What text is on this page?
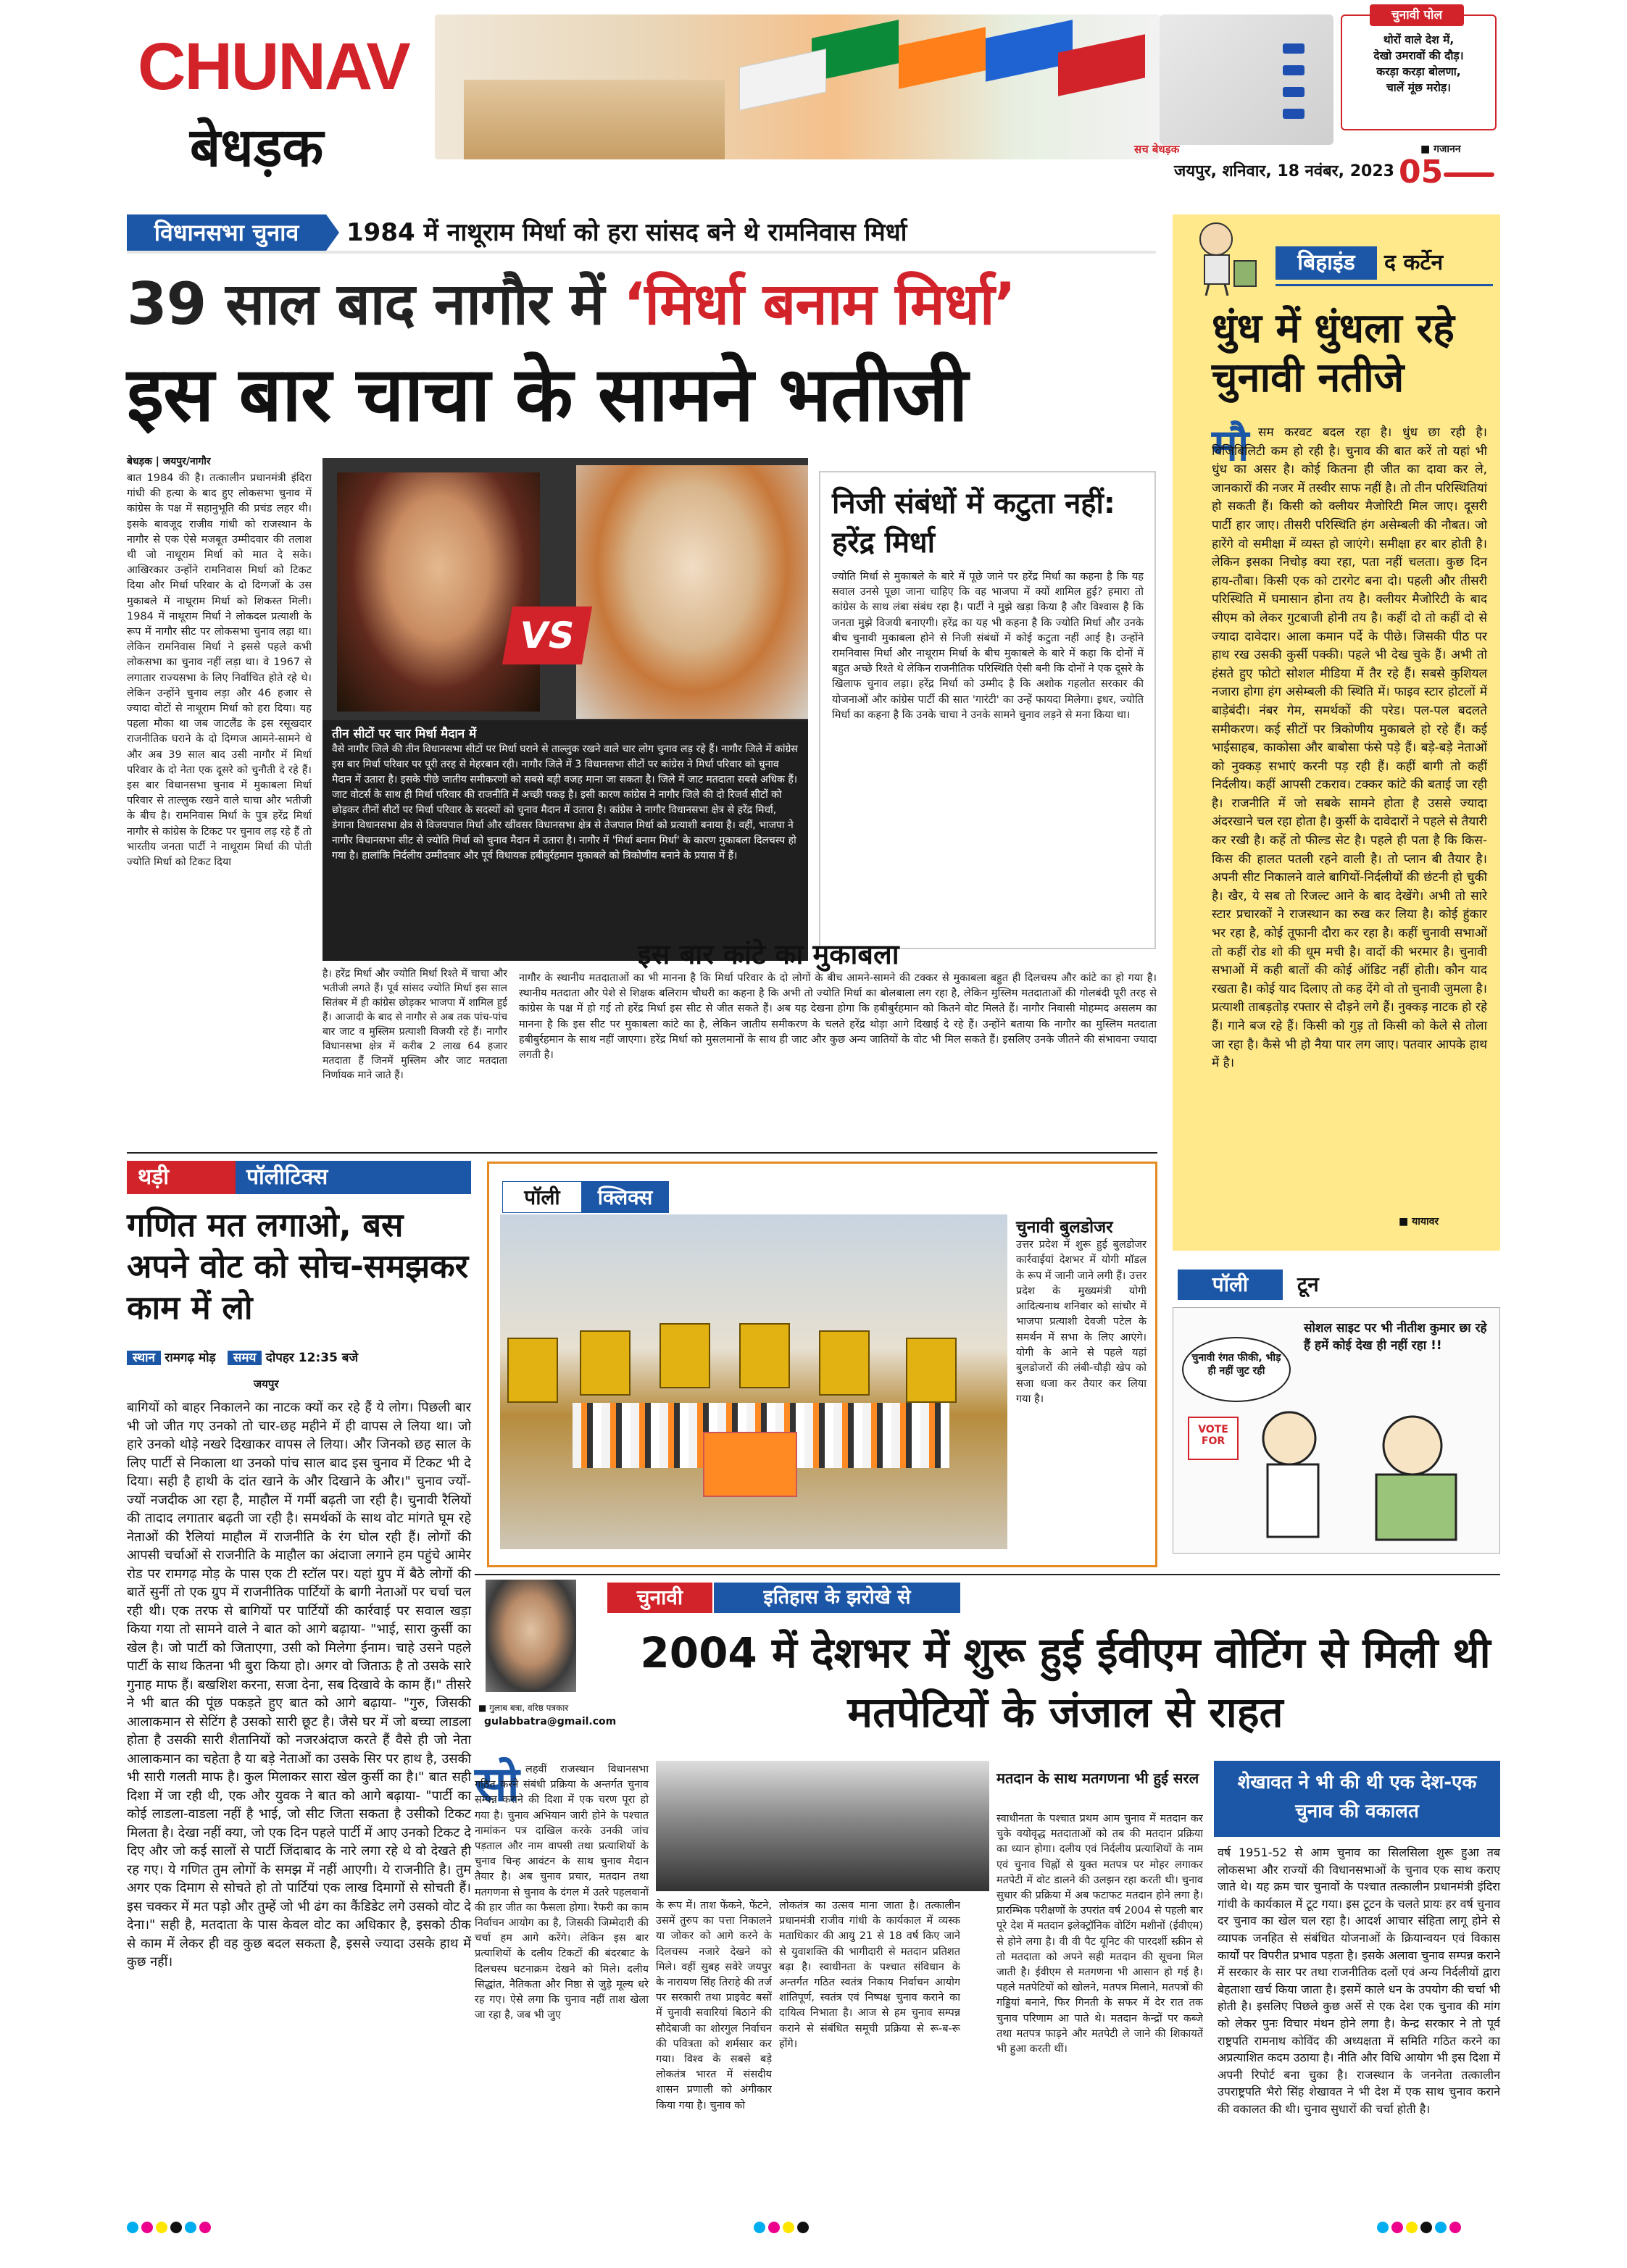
CHUNAV
बेधड़क
चुनावी पोल
थोरों वाले देश में,
देखो उमरावों की दौड़।
करड़ा करड़ा बोलणा,
चालें मूंछ मरोड़।
■ गजानन
सच बेधड़क
जयपुर, शनिवार, 18 नवंबर, 2023 05
विधानसभा चुनाव	1984 में नाथूराम मिर्धा को हरा सांसद बने थे रामनिवास मिर्धा
39 साल बाद नागौर में ‘मिर्धा बनाम मिर्धा’
इस बार चाचा के सामने भतीजी
बेधड़क | जयपुर/नागौर
बात 1984 की है। तत्कालीन प्रधानमंत्री इंदिरा गांधी की हत्या के बाद हुए लोकसभा चुनाव में कांग्रेस के पक्ष में सहानुभूति की प्रचंड लहर थी। इसके बावजूद राजीव गांधी को राजस्थान के नागौर से एक ऐसे मजबूत उम्मीदवार की तलाश थी जो नाथूराम मिर्धा को मात दे सके। आखिरकार उन्होंने रामनिवास मिर्धा को टिकट दिया और मिर्धा परिवार के दो दिग्गजों के उस मुकाबले में नाथूराम मिर्धा को शिकस्त मिली। 1984 में नाथूराम मिर्धा ने लोकदल प्रत्याशी के रूप में नागौर सीट पर लोकसभा चुनाव लड़ा था। लेकिन रामनिवास मिर्धा ने इससे पहले कभी लोकसभा का चुनाव नहीं लड़ा था। वे 1967 से लगातार राज्यसभा के लिए निर्वाचित होते रहे थे। लेकिन उन्होंने चुनाव लड़ा और 46 हजार से ज्यादा वोटों से नाथूराम मिर्धा को हरा दिया। यह पहला मौका था जब जाटलैंड के इस रसूखदार राजनीतिक घराने के दो दिग्गज आमने-सामने थे और अब 39 साल बाद उसी नागौर में मिर्धा परिवार के दो नेता एक दूसरे को चुनौती दे रहे हैं। इस बार विधानसभा चुनाव में मुकाबला मिर्धा परिवार से ताल्लुक रखने वाले चाचा और भतीजी के बीच है। रामनिवास मिर्धा के पुत्र हरेंद्र मिर्धा नागौर से कांग्रेस के टिकट पर चुनाव लड़ रहे हैं तो भारतीय जनता पार्टी ने नाथूराम मिर्धा की पोती ज्योति मिर्धा को टिकट दिया
है। हरेंद्र मिर्धा और ज्योति मिर्धा रिश्ते में चाचा और भतीजी लगते हैं। पूर्व सांसद ज्योति मिर्धा इस साल सितंबर में ही कांग्रेस छोड़कर भाजपा में शामिल हुई हैं। आजादी के बाद से नागौर से अब तक पांच-पांच बार जाट व मुस्लिम प्रत्याशी विजयी रहे हैं। नागौर विधानसभा क्षेत्र में करीब 2 लाख 64 हजार मतदाता हैं जिनमें मुस्लिम और जाट मतदाता निर्णायक माने जाते हैं।
VS
तीन सीटों पर चार मिर्धा मैदान में
वैसे नागौर जिले की तीन विधानसभा सीटों पर मिर्धा घराने से ताल्लुक रखने वाले चार लोग चुनाव लड़ रहे हैं। नागौर जिले में कांग्रेस इस बार मिर्धा परिवार पर पूरी तरह से मेहरबान रही। नागौर जिले में 3 विधानसभा सीटों पर कांग्रेस ने मिर्धा परिवार को चुनाव मैदान में उतारा है। इसके पीछे जातीय समीकरणों को सबसे बड़ी वजह माना जा सकता है। जिले में जाट मतदाता सबसे अधिक हैं। जाट वोटर्स के साथ ही मिर्धा परिवार की राजनीति में अच्छी पकड़ है। इसी कारण कांग्रेस ने नागौर जिले की दो रिजर्व सीटों को छोड़कर तीनों सीटों पर मिर्धा परिवार के सदस्यों को चुनाव मैदान में उतारा है। कांग्रेस ने नागौर विधानसभा क्षेत्र से हरेंद्र मिर्धा, डेगाना विधानसभा क्षेत्र से विजयपाल मिर्धा और खींवसर विधानसभा क्षेत्र से तेजपाल मिर्धा को प्रत्याशी बनाया है। वहीं, भाजपा ने नागौर विधानसभा सीट से ज्योति मिर्धा को चुनाव मैदान में उतारा है। नागौर में 'मिर्धा बनाम मिर्धा' के कारण मुकाबला दिलचस्प हो गया है। हालांकि निर्दलीय उम्मीदवार और पूर्व विधायक हबीबुर्रहमान मुकाबले को त्रिकोणीय बनाने के प्रयास में हैं।
निजी संबंधों में कटुता नहीं: हरेंद्र मिर्धा
ज्योति मिर्धा से मुकाबले के बारे में पूछे जाने पर हरेंद्र मिर्धा का कहना है कि यह सवाल उनसे पूछा जाना चाहिए कि वह भाजपा में क्यों शामिल हुई? हमारा तो कांग्रेस के साथ लंबा संबंध रहा है। पार्टी ने मुझे खड़ा किया है और विश्वास है कि जनता मुझे विजयी बनाएगी। हरेंद्र का यह भी कहना है कि ज्योति मिर्धा और उनके बीच चुनावी मुकाबला होने से निजी संबंधों में कोई कटुता नहीं आई है। उन्होंने रामनिवास मिर्धा और नाथूराम मिर्धा के बीच मुकाबले के बारे में कहा कि दोनों में बहुत अच्छे रिश्ते थे लेकिन राजनीतिक परिस्थिति ऐसी बनी कि दोनों ने एक दूसरे के खिलाफ चुनाव लड़ा। हरेंद्र मिर्धा को उम्मीद है कि अशोक गहलोत सरकार की योजनाओं और कांग्रेस पार्टी की सात 'गारंटी' का उन्हें फायदा मिलेगा। इधर, ज्योति मिर्धा का कहना है कि उनके चाचा ने उनके सामने चुनाव लड़ने से मना किया था।
इस बार कांटे का मुकाबला
नागौर के स्थानीय मतदाताओं का भी मानना है कि मिर्धा परिवार के दो लोगों के बीच आमने-सामने की टक्कर से मुकाबला बहुत ही दिलचस्प और कांटे का हो गया है। स्थानीय मतदाता और पेशे से शिक्षक बलिराम चौधरी का कहना है कि अभी तो ज्योति मिर्धा का बोलबाला लग रहा है, लेकिन मुस्लिम मतदाताओं की गोलबंदी पूरी तरह से कांग्रेस के पक्ष में हो गई तो हरेंद्र मिर्धा इस सीट से जीत सकते हैं। अब यह देखना होगा कि हबीबुर्रहमान को कितने वोट मिलते हैं। नागौर निवासी मोहम्मद असलम का मानना है कि इस सीट पर मुकाबला कांटे का है, लेकिन जातीय समीकरण के चलते हरेंद्र थोड़ा आगे दिखाई दे रहे हैं। उन्होंने बताया कि नागौर का मुस्लिम मतदाता हबीबुर्रहमान के साथ नहीं जाएगा। हरेंद्र मिर्धा को मुसलमानों के साथ ही जाट और कुछ अन्य जातियों के वोट भी मिल सकते हैं। इसलिए उनके जीतने की संभावना ज्यादा लगती है।
थड़ी	पॉलीटिक्स
गणित मत लगाओ, बस अपने वोट को सोच-समझकर काम में लो
स्थान रामगढ़ मोड़ समय दोपहर 12:35 बजे
जयपुर
बागियों को बाहर निकालने का नाटक क्यों कर रहे हैं ये लोग। पिछली बार भी जो जीत गए उनको तो चार-छह महीने में ही वापस ले लिया था। जो हारे उनको थोड़े नखरे दिखाकर वापस ले लिया। और जिनको छह साल के लिए पार्टी से निकाला था उनको पांच साल बाद इस चुनाव में टिकट भी दे दिया। सही है हाथी के दांत खाने के और दिखाने के और।" चुनाव ज्यों-ज्यों नजदीक आ रहा है, माहौल में गर्मी बढ़ती जा रही है। चुनावी रैलियों की तादाद लगातार बढ़ती जा रही है। समर्थकों के साथ वोट मांगते घूम रहे नेताओं की रैलियां माहौल में राजनीति के रंग घोल रही हैं। लोगों की आपसी चर्चाओं से राजनीति के माहौल का अंदाजा लगाने हम पहुंचे आमेर रोड पर रामगढ़ मोड़ के पास एक टी स्टॉल पर। यहां ग्रुप में बैठे लोगों की बातें सुनीं तो एक ग्रुप में राजनीतिक पार्टियों के बागी नेताओं पर चर्चा चल रही थी। एक तरफ से बागियों पर पार्टियों की कार्रवाई पर सवाल खड़ा किया गया तो सामने वाले ने बात को आगे बढ़ाया- "भाई, सारा कुर्सी का खेल है। जो पार्टी को जिताएगा, उसी को मिलेगा ईनाम। चाहे उसने पहले पार्टी के साथ कितना भी बुरा किया हो। अगर वो जिताऊ है तो उसके सारे गुनाह माफ हैं। बखशिश करना, सजा देना, सब दिखावे के काम हैं।" तीसरे ने भी बात की पूंछ पकड़ते हुए बात को आगे बढ़ाया- "गुरु, जिसकी आलाकमान से सेटिंग है उसको सारी छूट है। जैसे घर में जो बच्चा लाडला होता है उसकी सारी शैतानियों को नजरअंदाज करते हैं वैसे ही जो नेता आलाकमान का चहेता है या बड़े नेताओं का उसके सिर पर हाथ है, उसकी भी सारी गलती माफ है। कुल मिलाकर सारा खेल कुर्सी का है।" बात सही दिशा में जा रही थी, एक और युवक ने बात को आगे बढ़ाया- "पार्टी का कोई लाडला-वाडला नहीं है भाई, जो सीट जिता सकता है उसीको टिकट मिलता है। देखा नहीं क्या, जो एक दिन पहले पार्टी में आए उनको टिकट दे दिए और जो कई सालों से पार्टी जिंदाबाद के नारे लगा रहे थे वो देखते ही रह गए। ये गणित तुम लोगों के समझ में नहीं आएगी। ये राजनीति है। तुम अगर एक दिमाग से सोचते हो तो पार्टियां एक लाख दिमागों से सोचती हैं। इस चक्कर में मत पड़ो और तुम्हें जो भी ढंग का कैंडिडेट लगे उसको वोट दे देना।" सही है, मतदाता के पास केवल वोट का अधिकार है, इसको ठीक से काम में लेकर ही वह कुछ बदल सकता है, इससे ज्यादा उसके हाथ में कुछ नहीं।
पॉली क्लिक्स
चुनावी बुलडोजर
उत्तर प्रदेश में शुरू हुई बुलडोजर कार्रवाईयां देशभर में योगी मॉडल के रूप में जानी जाने लगी हैं। उत्तर प्रदेश के मुख्यमंत्री योगी आदित्यनाथ शनिवार को सांचौर में भाजपा प्रत्याशी देवजी पटेल के समर्थन में सभा के लिए आएंगे। योगी के आने से पहले यहां बुलडोजरों की लंबी-चौड़ी खेप को सजा धजा कर तैयार कर लिया गया है।
बिहाइंड	द कर्टेन
धुंध में धुंधला रहे चुनावी नतीजे
मौ सम करवट बदल रहा है। धुंध छा रही है। विजिबिलिटी कम हो रही है। चुनाव की बात करें तो यहां भी धुंध का असर है। कोई कितना ही जीत का दावा कर ले, जानकारों की नजर में तस्वीर साफ नहीं है। तो तीन परिस्थितियां हो सकती हैं। किसी को क्लीयर मैजोरिटी मिल जाए। दूसरी पार्टी हार जाए। तीसरी परिस्थिति हंग असेम्बली की नौबत। जो हारेंगे वो समीक्षा में व्यस्त हो जाएंगे। समीक्षा हर बार होती है। लेकिन इसका निचोड़ क्या रहा, पता नहीं चलता। कुछ दिन हाय-तौबा। किसी एक को टारगेट बना दो। पहली और तीसरी परिस्थिति में घमासान होना तय है। क्लीयर मैजोरिटी के बाद सीएम को लेकर गुटबाजी होनी तय है। कहीं दो तो कहीं दो से ज्यादा दावेदार। आला कमान पर्दे के पीछे। जिसकी पीठ पर हाथ रख उसकी कुर्सी पक्की। पहले भी देख चुके हैं। अभी तो हंसते हुए फोटो सोशल मीडिया में तैर रहे हैं। सबसे कुशियल नजारा होगा हंग असेम्बली की स्थिति में। फाइव स्टार होटलों में बाड़ेबंदी। नंबर गेम, समर्थकों की परेड। पल-पल बदलते समीकरण। कई सीटों पर त्रिकोणीय मुकाबले हो रहे हैं। कई भाईसाहब, काकोसा और बाबोसा फंसे पड़े हैं। बड़े-बड़े नेताओं को नुक्कड़ सभाएं करनी पड़ रही हैं। कहीं बागी तो कहीं निर्दलीय। कहीं आपसी टकराव। टक्कर कांटे की बताई जा रही है। राजनीति में जो सबके सामने होता है उससे ज्यादा अंदरखाने चल रहा होता है। कुर्सी के दावेदारों ने पहले से तैयारी कर रखी है। कहें तो फील्ड सेट है। पहले ही पता है कि किस-किस की हालत पतली रहने वाली है। तो प्लान बी तैयार है। अपनी सीट निकालने वाले बागियों-निर्दलीयों की छंटनी हो चुकी है। खैर, ये सब तो रिजल्ट आने के बाद देखेंगे। अभी तो सारे स्टार प्रचारकों ने राजस्थान का रुख कर लिया है। कोई हुंकार भर रहा है, कोई तूफानी दौरा कर रहा है। कहीं चुनावी सभाओं तो कहीं रोड शो की धूम मची है। वादों की भरमार है। चुनावी सभाओं में कही बातों की कोई ऑडिट नहीं होती। कौन याद रखता है। कोई याद दिलाए तो कह देंगे वो तो चुनावी जुमला है। प्रत्याशी ताबड़तोड़ रफ्तार से दौड़ने लगे हैं। नुक्कड़ नाटक हो रहे हैं। गाने बज रहे हैं। किसी को गुड़ तो किसी को केले से तोला जा रहा है। कैसे भी हो नैया पार लग जाए। पतवार आपके हाथ में है।
■ यायावर
पॉली	टून
सोशल साइट पर भी नीतीश कुमार छा रहे हैं हमें कोई देख ही नहीं रहा !!
चुनावी रंगत फीकी, भीड़ ही नहीं जुट रही
VOTE FOR
■ गुलाब बत्रा, वरिष्ठ पत्रकार
gulabbatra@gmail.com
चुनावी	इतिहास के झरोखे से
2004 में देशभर में शुरू हुई ईवीएम वोटिंग से मिली थी मतपेटियों के जंजाल से राहत
सो लहवीं राजस्थान विधानसभा गठित करने संबंधी प्रक्रिया के अन्तर्गत चुनाव सम्पन्न कराने की दिशा में एक चरण पूरा हो गया है। चुनाव अभियान जारी होने के पश्चात नामांकन पत्र दाखिल करके उनकी जांच पड़ताल और नाम वापसी तथा प्रत्याशियों के चुनाव चिन्ह आवंटन के साथ चुनाव मैदान तैयार है। अब चुनाव प्रचार, मतदान तथा मतगणना से चुनाव के दंगल में उतरे पहलवानों की हार जीत का फैसला होगा। रैफरी का काम निर्वाचन आयोग का है, जिसकी जिम्मेदारी की चर्चा हम आगे करेंगे। लेकिन इस बार प्रत्याशियों के दलीय टिकटों की बंदरबाट के दिलचस्प घटनाक्रम देखने को मिले। दलीय सिद्धांत, नैतिकता और निष्ठा से जुड़े मूल्य धरे रह गए। ऐसे लगा कि चुनाव नहीं ताश खेला जा रहा है, जब भी जुए
के रूप में। ताश फेंकने, फेंटने, उसमें तुरुप का पत्ता निकालने या जोकर को आगे करने के दिलचस्प नजारे देखने को मिले। वहीं सुबह सवेरे जयपुर के नारायण सिंह तिराहे की तर्ज पर सरकारी तथा प्राइवेट बसों में चुनावी सवारियां बिठाने की सौदेबाजी का शोरगुल निर्वाचन की पवित्रता को शर्मसार कर गया। विश्व के सबसे बड़े लोकतंत्र भारत में संसदीय शासन प्रणाली को अंगीकार किया गया है। चुनाव को
लोकतंत्र का उत्सव माना जाता है। तत्कालीन प्रधानमंत्री राजीव गांधी के कार्यकाल में व्यस्क मताधिकार की आयु 21 से 18 वर्ष किए जाने से युवाशक्ति की भागीदारी से मतदान प्रतिशत बढ़ा है। स्वाधीनता के पश्चात संविधान के अन्तर्गत गठित स्वतंत्र निकाय निर्वाचन आयोग शांतिपूर्ण, स्वतंत्र एवं निष्पक्ष चुनाव कराने का दायित्व निभाता है। आज से हम चुनाव सम्पन्न कराने से संबंधित समूची प्रक्रिया से रू-ब-रू होंगे।
मतदान के साथ मतगणना भी हुई सरल
स्वाधीनता के पश्चात प्रथम आम चुनाव में मतदान कर चुके वयोवृद्ध मतदाताओं को तब की मतदान प्रक्रिया का ध्यान होगा। दलीय एवं निर्दलीय प्रत्याशियों के नाम एवं चुनाव चिह्नों से युक्त मतपत्र पर मोहर लगाकर मतपेटी में वोट डालने की उलझन रहा करती थी। चुनाव सुधार की प्रक्रिया में अब फटाफट मतदान होने लगा है। प्रारम्भिक परीक्षणों के उपरांत वर्ष 2004 से पहली बार पूरे देश में मतदान इलेक्ट्रॉनिक वोटिंग मशीनों (ईवीएम) से होने लगा है। वी वी पैट यूनिट की पारदर्शी स्क्रीन से तो मतदाता को अपने सही मतदान की सूचना मिल जाती है। ईवीएम से मतगणना भी आसान हो गई है। पहले मतपेटियों को खोलने, मतपत्र मिलाने, मतपत्रों की गड्डियां बनाने, फिर गिनती के सफर में देर रात तक चुनाव परिणाम आ पाते थे। मतदान केन्द्रों पर कब्जे तथा मतपत्र फाड़ने और मतपेटी ले जाने की शिकायतें भी हुआ करती थीं।
शेखावत ने भी की थी एक देश-एक चुनाव की वकालत
वर्ष 1951-52 से आम चुनाव का सिलसिला शुरू हुआ तब लोकसभा और राज्यों की विधानसभाओं के चुनाव एक साथ कराए जाते थे। यह क्रम चार चुनावों के पश्चात तत्कालीन प्रधानमंत्री इंदिरा गांधी के कार्यकाल में टूट गया। इस टूटन के चलते प्रायः हर वर्ष चुनाव दर चुनाव का खेल चल रहा है। आदर्श आचार संहिता लागू होने से व्यापक जनहित से संबंधित योजनाओं के क्रियान्वयन एवं विकास कार्यों पर विपरीत प्रभाव पड़ता है। इसके अलावा चुनाव सम्पन्न कराने में सरकार के सार पर तथा राजनीतिक दलों एवं अन्य निर्दलीयों द्वारा बेहताशा खर्च किया जाता है। इसमें काले धन के उपयोग की चर्चा भी होती है। इसलिए पिछले कुछ अर्से से एक देश एक चुनाव की मांग को लेकर पुनः विचार मंथन होने लगा है। केन्द्र सरकार ने तो पूर्व राष्ट्रपति रामनाथ कोविंद की अध्यक्षता में समिति गठित करने का अप्रत्याशित कदम उठाया है। नीति और विधि आयोग भी इस दिशा में अपनी रिपोर्ट बना चुका है। राजस्थान के जननेता तत्कालीन उपराष्ट्रपति भैरो सिंह शेखावत ने भी देश में एक साथ चुनाव कराने की वकालत की थी। चुनाव सुधारों की चर्चा होती है।
